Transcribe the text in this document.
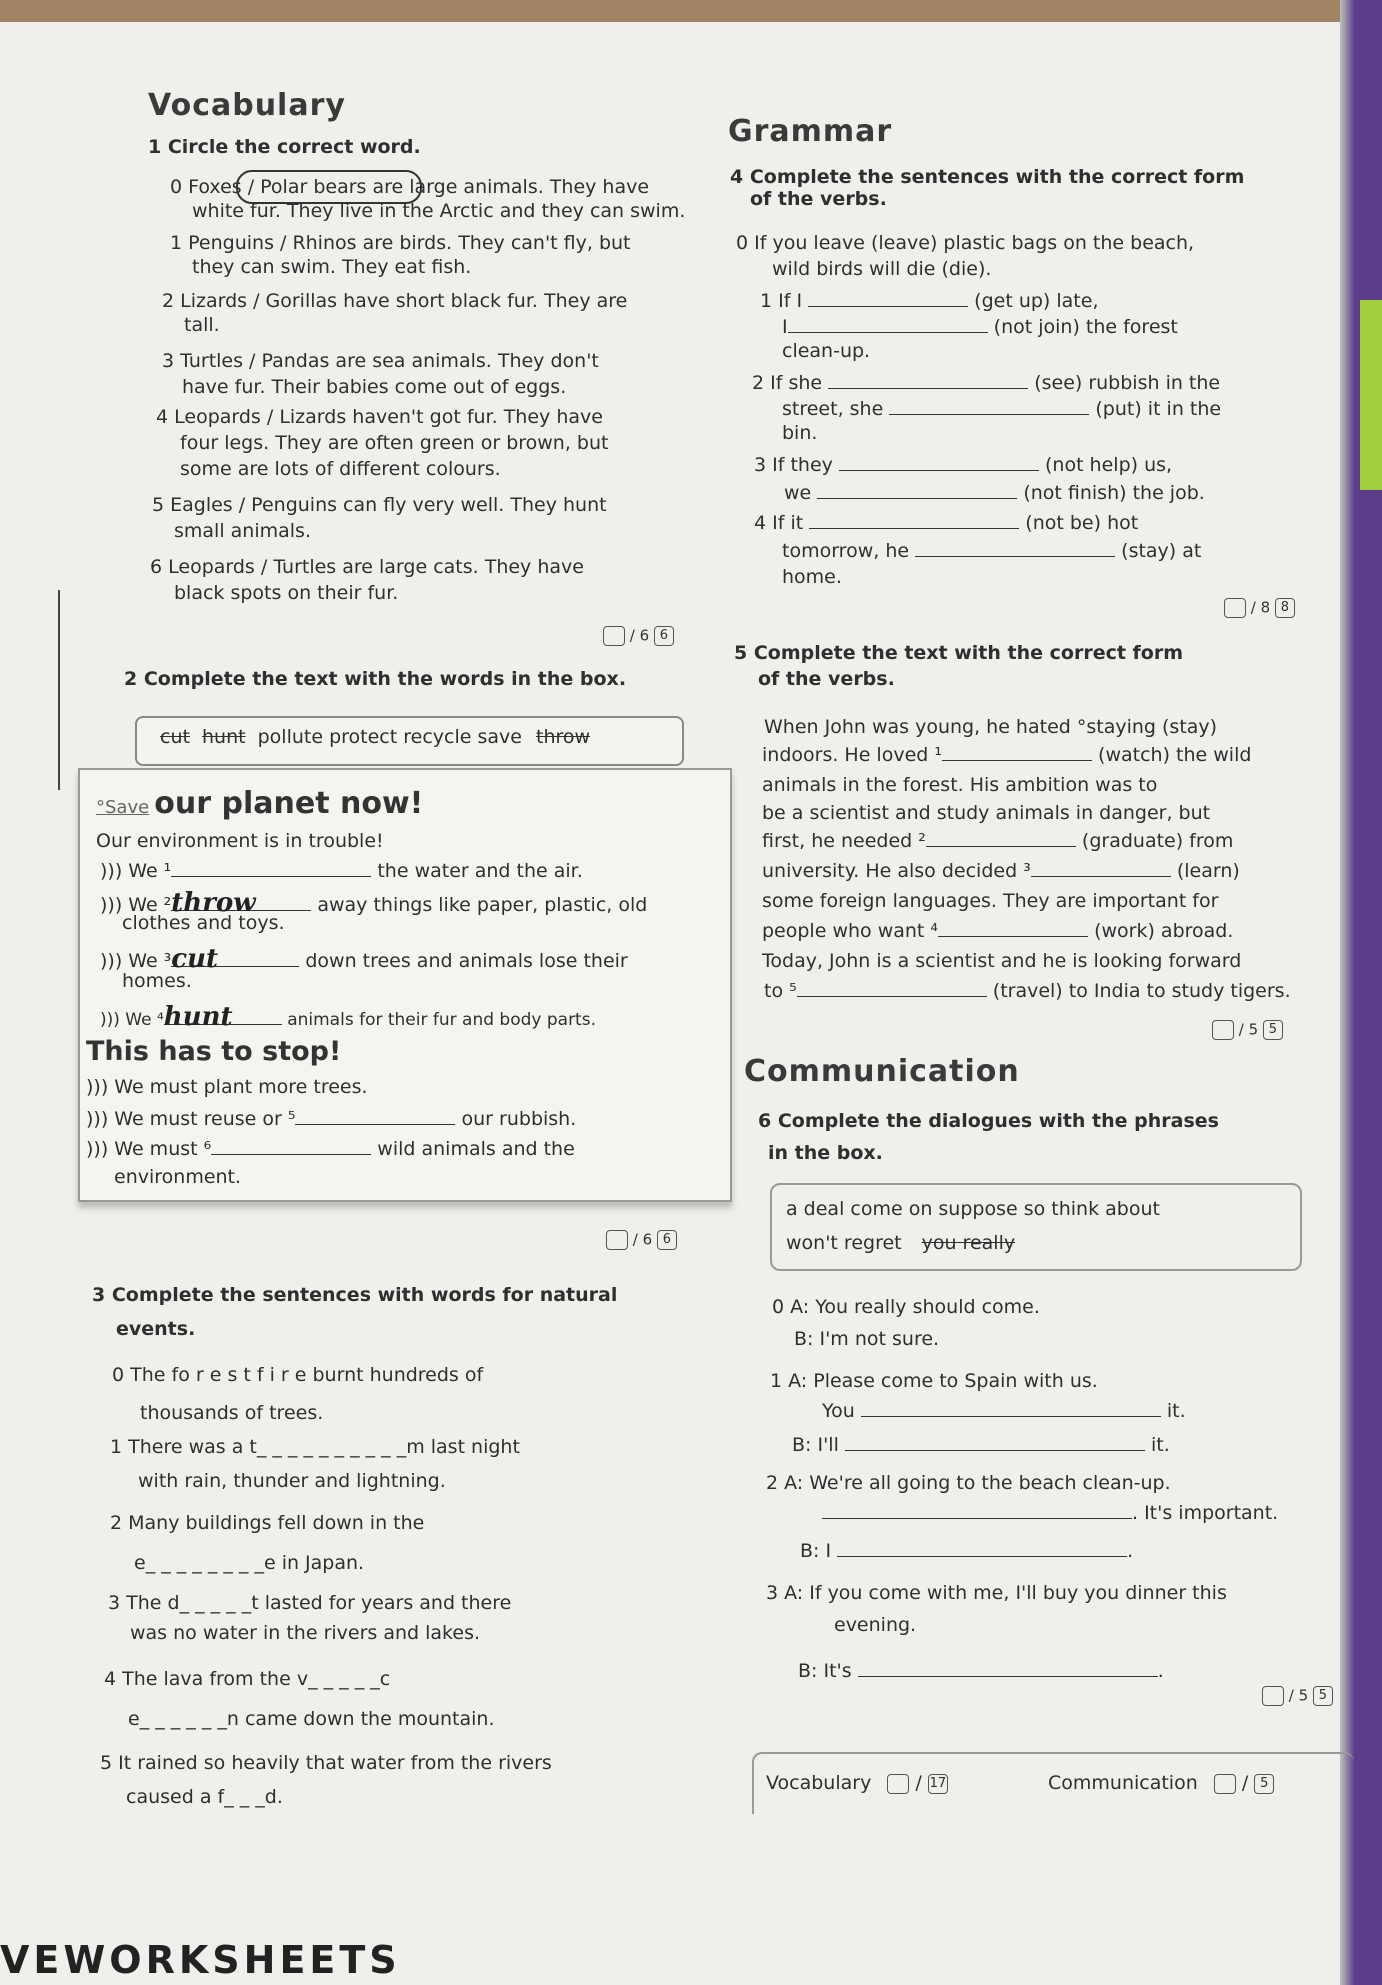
Vocabulary
1 Circle the correct word.
0 Foxes / Polar bears are large animals. They have
white fur. They live in the Arctic and they can swim.
1 Penguins / Rhinos are birds. They can't fly, but
they can swim. They eat fish.
2 Lizards / Gorillas have short black fur. They are
tall.
3 Turtles / Pandas are sea animals. They don't
have fur. Their babies come out of eggs.
4 Leopards / Lizards haven't got fur. They have
four legs. They are often green or brown, but
some are lots of different colours.
5 Eagles / Penguins can fly very well. They hunt
small animals.
6 Leopards / Turtles are large cats. They have
black spots on their fur.
/ 6 6
2 Complete the text with the words in the box.
cut hunt pollute protect recycle save throw
°Save our planet now!
Our environment is in trouble!
))) We ¹	the water and the air.
))) We ²throw	away things like paper, plastic, old
clothes and toys.
))) We ³cut	down trees and animals lose their
homes.
))) We ⁴hunt	animals for their fur and body parts.
This has to stop!
))) We must plant more trees.
))) We must reuse or ⁵	our rubbish.
))) We must ⁶	wild animals and the
environment.
/ 6 6
3 Complete the sentences with words for natural
events.
0 The fo r e s t f i r e burnt hundreds of
thousands of trees.
1 There was a t_ _ _ _ _ _ _ _ _ _m last night
with rain, thunder and lightning.
2 Many buildings fell down in the
e_ _ _ _ _ _ _ _e in Japan.
3 The d_ _ _ _ _t lasted for years and there
was no water in the rivers and lakes.
4 The lava from the v_ _ _ _ _c
e_ _ _ _ _ _n came down the mountain.
5 It rained so heavily that water from the rivers
caused a f_ _ _d.
VEWORKSHEETS
Grammar
4 Complete the sentences with the correct form
of the verbs.
0 If you leave (leave) plastic bags on the beach,
wild birds will die (die).
1 If I	(get up) late,
I	(not join) the forest
clean-up.
2 If she	(see) rubbish in the
street, she	(put) it in the
bin.
3 If they	(not help) us,
we	(not finish) the job.
4 If it	(not be) hot
tomorrow, he	(stay) at
home.
/ 8 8
5 Complete the text with the correct form
of the verbs.
When John was young, he hated °staying (stay)
indoors. He loved ¹	(watch) the wild
animals in the forest. His ambition was to
be a scientist and study animals in danger, but
first, he needed ²	(graduate) from
university. He also decided ³	(learn)
some foreign languages. They are important for
people who want ⁴	(work) abroad.
Today, John is a scientist and he is looking forward
to ⁵	(travel) to India to study tigers.
/ 5 5
Communication
6 Complete the dialogues with the phrases
in the box.
a deal come on suppose so think about
won't regret you really
0 A: You really should come.
B: I'm not sure.
1 A: Please come to Spain with us.
You	it.
B: I'll	it.
2 A: We're all going to the beach clean-up.
. It's important.
B: I	.
3 A: If you come with me, I'll buy you dinner this
evening.
B: It's	.
/ 5 5
Vocabulary  / 17	Communication  / 5
